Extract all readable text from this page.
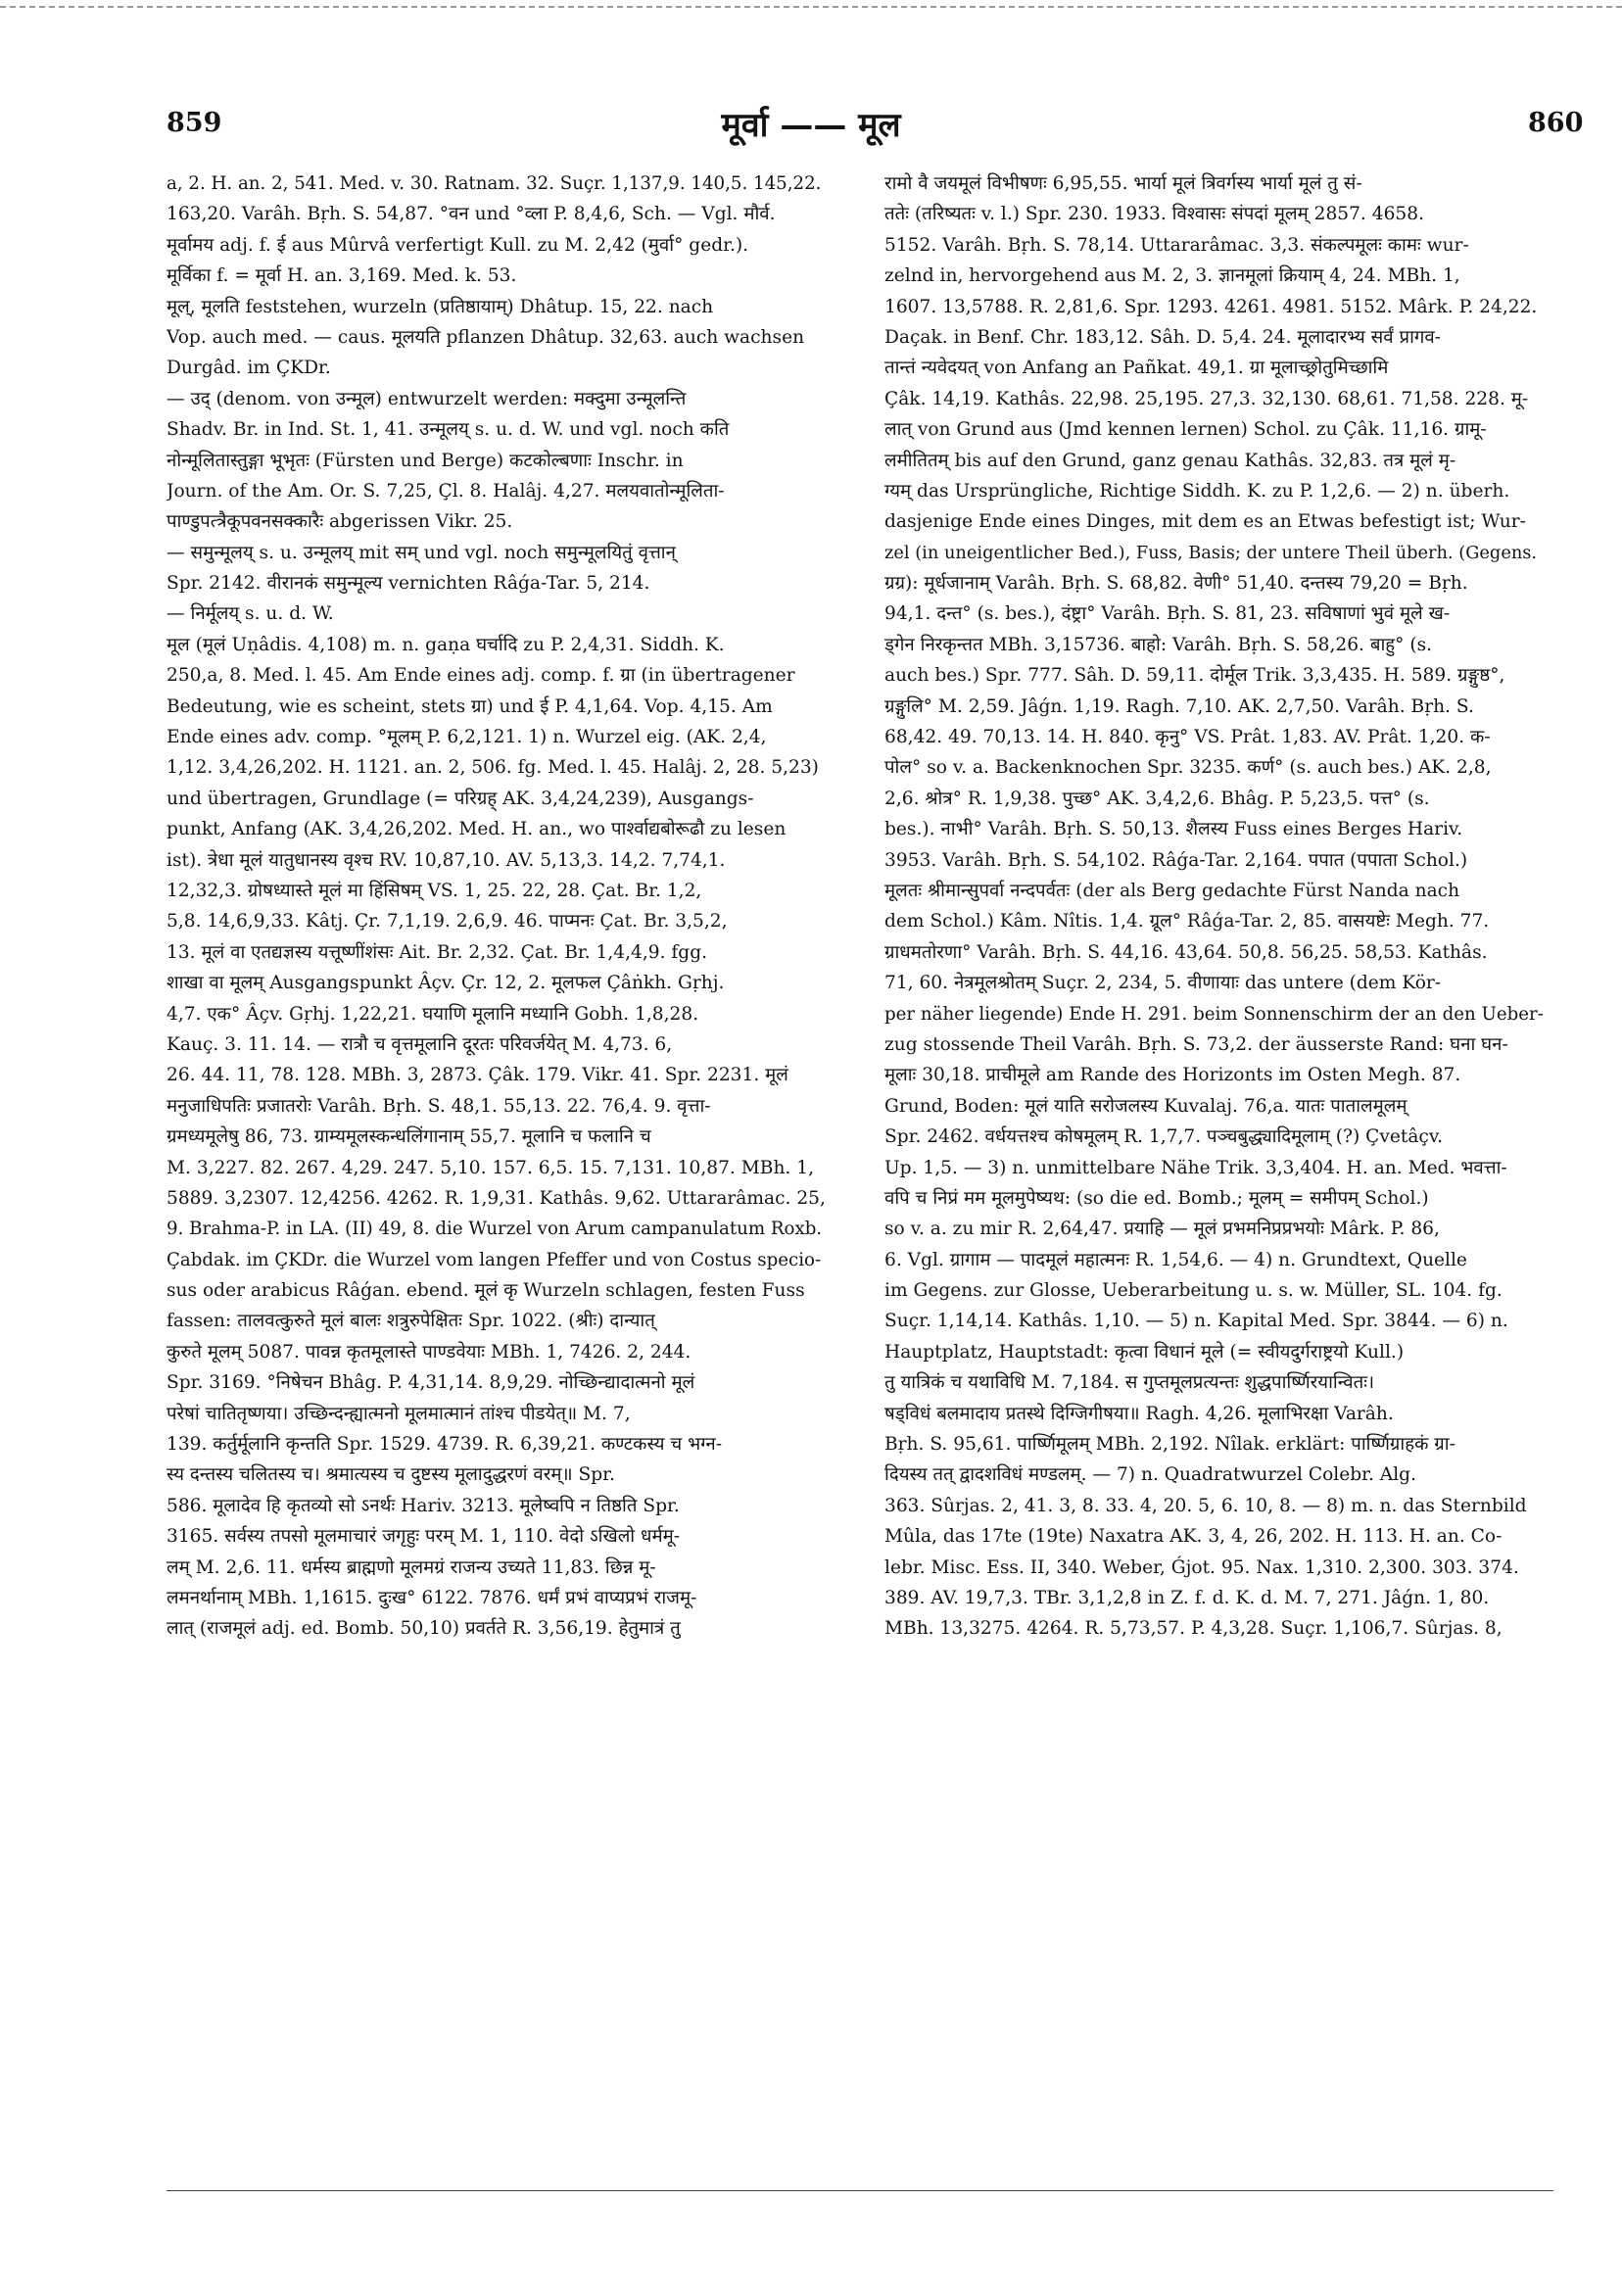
859	मूर्वा —— मूल	860
a, 2. H. an. 2, 541. Med. v. 30. Ratnam. 32. Suçr. 1,137,9. 140,5. 145,22.
163,20. Varâh. Bṛh. S. 54,87. °वन und °व्ला P. 8,4,6, Sch. — Vgl. मौर्व.
मूर्वामय adj. f. ई aus Mûrvâ verfertigt Kull. zu M. 2,42 (मुर्वा° gedr.).
मूर्विका f. = मूर्वा H. an. 3,169. Med. k. 53.
मूल्, मूलति feststehen, wurzeln (प्रतिष्ठायाम्) Dhâtup. 15, 22. nach
Vop. auch med. — caus. मूलयति pflanzen Dhâtup. 32,63. auch wachsen
Durgâd. im ÇKDr.
— उद् (denom. von उन्मूल) entwurzelt werden: मक्दुमा उन्मूलन्ति
Shadv. Br. in Ind. St. 1, 41. उन्मूलय् s. u. d. W. und vgl. noch कति
नोन्मूलितास्तुङ्गा भूभृतः (Fürsten und Berge) कटकोल्बणाः Inschr. in
Journ. of the Am. Or. S. 7,25, Çl. 8. Halâj. 4,27. मलयवातोन्मूलिता-
पाण्डुपत्त्रैकूपवनसक्कारैः abgerissen Vikr. 25.
— समुन्मूलय् s. u. उन्मूलय् mit सम् und vgl. noch समुन्मूलयितुं वृत्तान्
Spr. 2142. वीरानकं समुन्मूल्य vernichten Râǵa-Tar. 5, 214.
— निर्मूलय् s. u. d. W.
मूल (मूलं Uṇâdis. 4,108) m. n. gaṇa घर्चादि zu P. 2,4,31. Siddh. K.
250,a, 8. Med. l. 45. Am Ende eines adj. comp. f. ग्रा (in übertragener
Bedeutung, wie es scheint, stets ग्रा) und ई P. 4,1,64. Vop. 4,15. Am
Ende eines adv. comp. °मूलम् P. 6,2,121. 1) n. Wurzel eig. (AK. 2,4,
1,12. 3,4,26,202. H. 1121. an. 2, 506. fg. Med. l. 45. Halâj. 2, 28. 5,23)
und übertragen, Grundlage (= परिग्रह् AK. 3,4,24,239), Ausgangs-
punkt, Anfang (AK. 3,4,26,202. Med. H. an., wo पार्श्वाद्यबोरूढौ zu lesen
ist). त्रेधा मूलं यातुधानस्य वृश्च RV. 10,87,10. AV. 5,13,3. 14,2. 7,74,1.
12,32,3. ग्रोषध्यास्ते मूलं मा हिंसिषम् VS. 1, 25. 22, 28. Çat. Br. 1,2,
5,8. 14,6,9,33. Kâtj. Çr. 7,1,19. 2,6,9. 46. पाप्मनः Çat. Br. 3,5,2,
13. मूलं वा एतद्यज्ञस्य यत्तूष्णींशंसः Ait. Br. 2,32. Çat. Br. 1,4,4,9. fgg.
शाखा वा मूलम् Ausgangspunkt Âçv. Çr. 12, 2. मूलफल Çâṅkh. Gṛhj.
4,7. एक° Âçv. Gṛhj. 1,22,21. घयाणि मूलानि मध्यानि Gobh. 1,8,28.
Kauç. 3. 11. 14. — रात्रौ च वृत्तमूलानि दूरतः परिवर्जयेत् M. 4,73. 6,
26. 44. 11, 78. 128. MBh. 3, 2873. Çâk. 179. Vikr. 41. Spr. 2231. मूलं
मनुजाधिपतिः प्रजातरोः Varâh. Bṛh. S. 48,1. 55,13. 22. 76,4. 9. वृत्ता-
ग्रमध्यमूलेषु 86, 73. ग्राम्यमूलस्कन्धलिंगानाम् 55,7. मूलानि च फलानि च
M. 3,227. 82. 267. 4,29. 247. 5,10. 157. 6,5. 15. 7,131. 10,87. MBh. 1,
5889. 3,2307. 12,4256. 4262. R. 1,9,31. Kathâs. 9,62. Uttararâmac. 25,
9. Brahma-P. in LA. (II) 49, 8. die Wurzel von Arum campanulatum Roxb.
Çabdak. im ÇKDr. die Wurzel vom langen Pfeffer und von Costus specio-
sus oder arabicus Râǵan. ebend. मूलं कृ Wurzeln schlagen, festen Fuss
fassen: तालवत्कुरुते मूलं बालः शत्रुरुपेक्षितः Spr. 1022. (श्रीः) दान्यात्
कुरुते मूलम् 5087. पावन्न कृतमूलास्ते पाण्डवेयाः MBh. 1, 7426. 2, 244.
Spr. 3169. °निषेचन Bhâg. P. 4,31,14. 8,9,29. नोच्छिन्द्यादात्मनो मूलं
परेषां चातितृष्णया। उच्छिन्दन्ह्यात्मनो मूलमात्मानं तांश्च पीडयेत्॥ M. 7,
139. कर्तुर्मूलानि कृन्तति Spr. 1529. 4739. R. 6,39,21. कण्टकस्य च भग्न-
स्य दन्तस्य चलितस्य च। श्रमात्यस्य च दुष्टस्य मूलादुद्धरणं वरम्॥ Spr.
586. मूलादेव हि कृतव्यो सो ऽनर्थः Hariv. 3213. मूलेष्वपि न तिष्ठति Spr.
3165. सर्वस्य तपसो मूलमाचारं जगृहुः परम् M. 1, 110. वेदो ऽखिलो धर्ममू-
लम् M. 2,6. 11. धर्मस्य ब्राह्मणो मूलमग्रं राजन्य उच्यते 11,83. छिन्न मू-
लमनर्थानाम् MBh. 1,1615. दुःख° 6122. 7876. धर्मं प्रभं वाप्यप्रभं राजमू-
लात् (राजमूलं adj. ed. Bomb. 50,10) प्रवर्तते R. 3,56,19. हेतुमात्रं तु
रामो वै जयमूलं विभीषणः 6,95,55. भार्या मूलं त्रिवर्गस्य भार्या मूलं तु सं-
ततेः (तरिष्यतः v. l.) Spr. 230. 1933. विश्वासः संपदां मूलम् 2857. 4658.
5152. Varâh. Bṛh. S. 78,14. Uttararâmac. 3,3. संकल्पमूलः कामः wur-
zelnd in, hervorgehend aus M. 2, 3. ज्ञानमूलां क्रियाम् 4, 24. MBh. 1,
1607. 13,5788. R. 2,81,6. Spr. 1293. 4261. 4981. 5152. Mârk. P. 24,22.
Daçak. in Benf. Chr. 183,12. Sâh. D. 5,4. 24. मूलादारभ्य सर्वं प्रागव-
तान्तं न्यवेदयत् von Anfang an Pañkat. 49,1. ग्रा मूलाच्छ्रोतुमिच्छामि
Çâk. 14,19. Kathâs. 22,98. 25,195. 27,3. 32,130. 68,61. 71,58. 228. मू-
लात् von Grund aus (Jmd kennen lernen) Schol. zu Çâk. 11,16. ग्रामू-
लमीतितम् bis auf den Grund, ganz genau Kathâs. 32,83. तत्र मूलं मृ-
ग्यम् das Ursprüngliche, Richtige Siddh. K. zu P. 1,2,6. — 2) n. überh.
dasjenige Ende eines Dinges, mit dem es an Etwas befestigt ist; Wur-
zel (in uneigentlicher Bed.), Fuss, Basis; der untere Theil überh. (Gegens.
ग्रग्र): मूर्धजानाम् Varâh. Bṛh. S. 68,82. वेणी° 51,40. दन्तस्य 79,20 = Bṛh.
94,1. दन्त° (s. bes.), दंष्ट्रा° Varâh. Bṛh. S. 81, 23. सविषाणां भुवं मूले ख-
ड्गेन निरकृन्तत MBh. 3,15736. बाहो: Varâh. Bṛh. S. 58,26. बाहु° (s.
auch bes.) Spr. 777. Sâh. D. 59,11. दोर्मूल Trik. 3,3,435. H. 589. ग्रङ्गुष्ठ°,
ग्रङ्गुलि° M. 2,59. Jâǵn. 1,19. Ragh. 7,10. AK. 2,7,50. Varâh. Bṛh. S.
68,42. 49. 70,13. 14. H. 840. कृनु° VS. Prât. 1,83. AV. Prât. 1,20. क-
पोल° so v. a. Backenknochen Spr. 3235. कर्ण° (s. auch bes.) AK. 2,8,
2,6. श्रोत्र° R. 1,9,38. पुच्छ° AK. 3,4,2,6. Bhâg. P. 5,23,5. पत्त° (s.
bes.). नाभी° Varâh. Bṛh. S. 50,13. शैलस्य Fuss eines Berges Hariv.
3953. Varâh. Bṛh. S. 54,102. Râǵa-Tar. 2,164. पपात (पपाता Schol.)
मूलतः श्रीमान्सुपर्वा नन्दपर्वतः (der als Berg gedachte Fürst Nanda nach
dem Schol.) Kâm. Nîtis. 1,4. ग्रूल° Râǵa-Tar. 2, 85. वासयष्टेः Megh. 77.
ग्राधमतोरणा° Varâh. Bṛh. S. 44,16. 43,64. 50,8. 56,25. 58,53. Kathâs.
71, 60. नेत्रमूलश्रोतम् Suçr. 2, 234, 5. वीणायाः das untere (dem Kör-
per näher liegende) Ende H. 291. beim Sonnenschirm der an den Ueber-
zug stossende Theil Varâh. Bṛh. S. 73,2. der äusserste Rand: घना घन-
मूलाः 30,18. प्राचीमूले am Rande des Horizonts im Osten Megh. 87.
Grund, Boden: मूलं याति सरोजलस्य Kuvalaj. 76,a. यातः पातालमूलम्
Spr. 2462. वर्धयत्तश्च कोषमूलम् R. 1,7,7. पञ्चबुद्ध्यादिमूलाम् (?) Çvetâçv.
Up. 1,5. — 3) n. unmittelbare Nähe Trik. 3,3,404. H. an. Med. भवत्ता-
वपि च निप्रं मम मूलमुपेष्यथ: (so die ed. Bomb.; मूलम् = समीपम् Schol.)
so v. a. zu mir R. 2,64,47. प्रयाहि — मूलं प्रभमनिप्रप्रभयोः Mârk. P. 86,
6. Vgl. ग्रागाम — पादमूलं महात्मनः R. 1,54,6. — 4) n. Grundtext, Quelle
im Gegens. zur Glosse, Ueberarbeitung u. s. w. Müller, SL. 104. fg.
Suçr. 1,14,14. Kathâs. 1,10. — 5) n. Kapital Med. Spr. 3844. — 6) n.
Hauptplatz, Hauptstadt: कृत्वा विधानं मूले (= स्वीयदुर्गराष्ट्रयो Kull.)
तु यात्रिकं च यथाविधि M. 7,184. स गुप्तमूलप्रत्यन्तः शुद्धपार्ष्णिरयान्वितः।
षड्विधं बलमादाय प्रतस्थे दिग्जिगीषया॥ Ragh. 4,26. मूलाभिरक्षा Varâh.
Bṛh. S. 95,61. पार्ष्णिमूलम् MBh. 2,192. Nîlak. erklärt: पार्ष्णिग्राहकं ग्रा-
दियस्य तत् द्वादशविधं मण्डलम्. — 7) n. Quadratwurzel Colebr. Alg.
363. Sûrjas. 2, 41. 3, 8. 33. 4, 20. 5, 6. 10, 8. — 8) m. n. das Sternbild
Mûla, das 17te (19te) Naxatra AK. 3, 4, 26, 202. H. 113. H. an. Co-
lebr. Misc. Ess. II, 340. Weber, Ǵjot. 95. Nax. 1,310. 2,300. 303. 374.
389. AV. 19,7,3. TBr. 3,1,2,8 in Z. f. d. K. d. M. 7, 271. Jâǵn. 1, 80.
MBh. 13,3275. 4264. R. 5,73,57. P. 4,3,28. Suçr. 1,106,7. Sûrjas. 8,
